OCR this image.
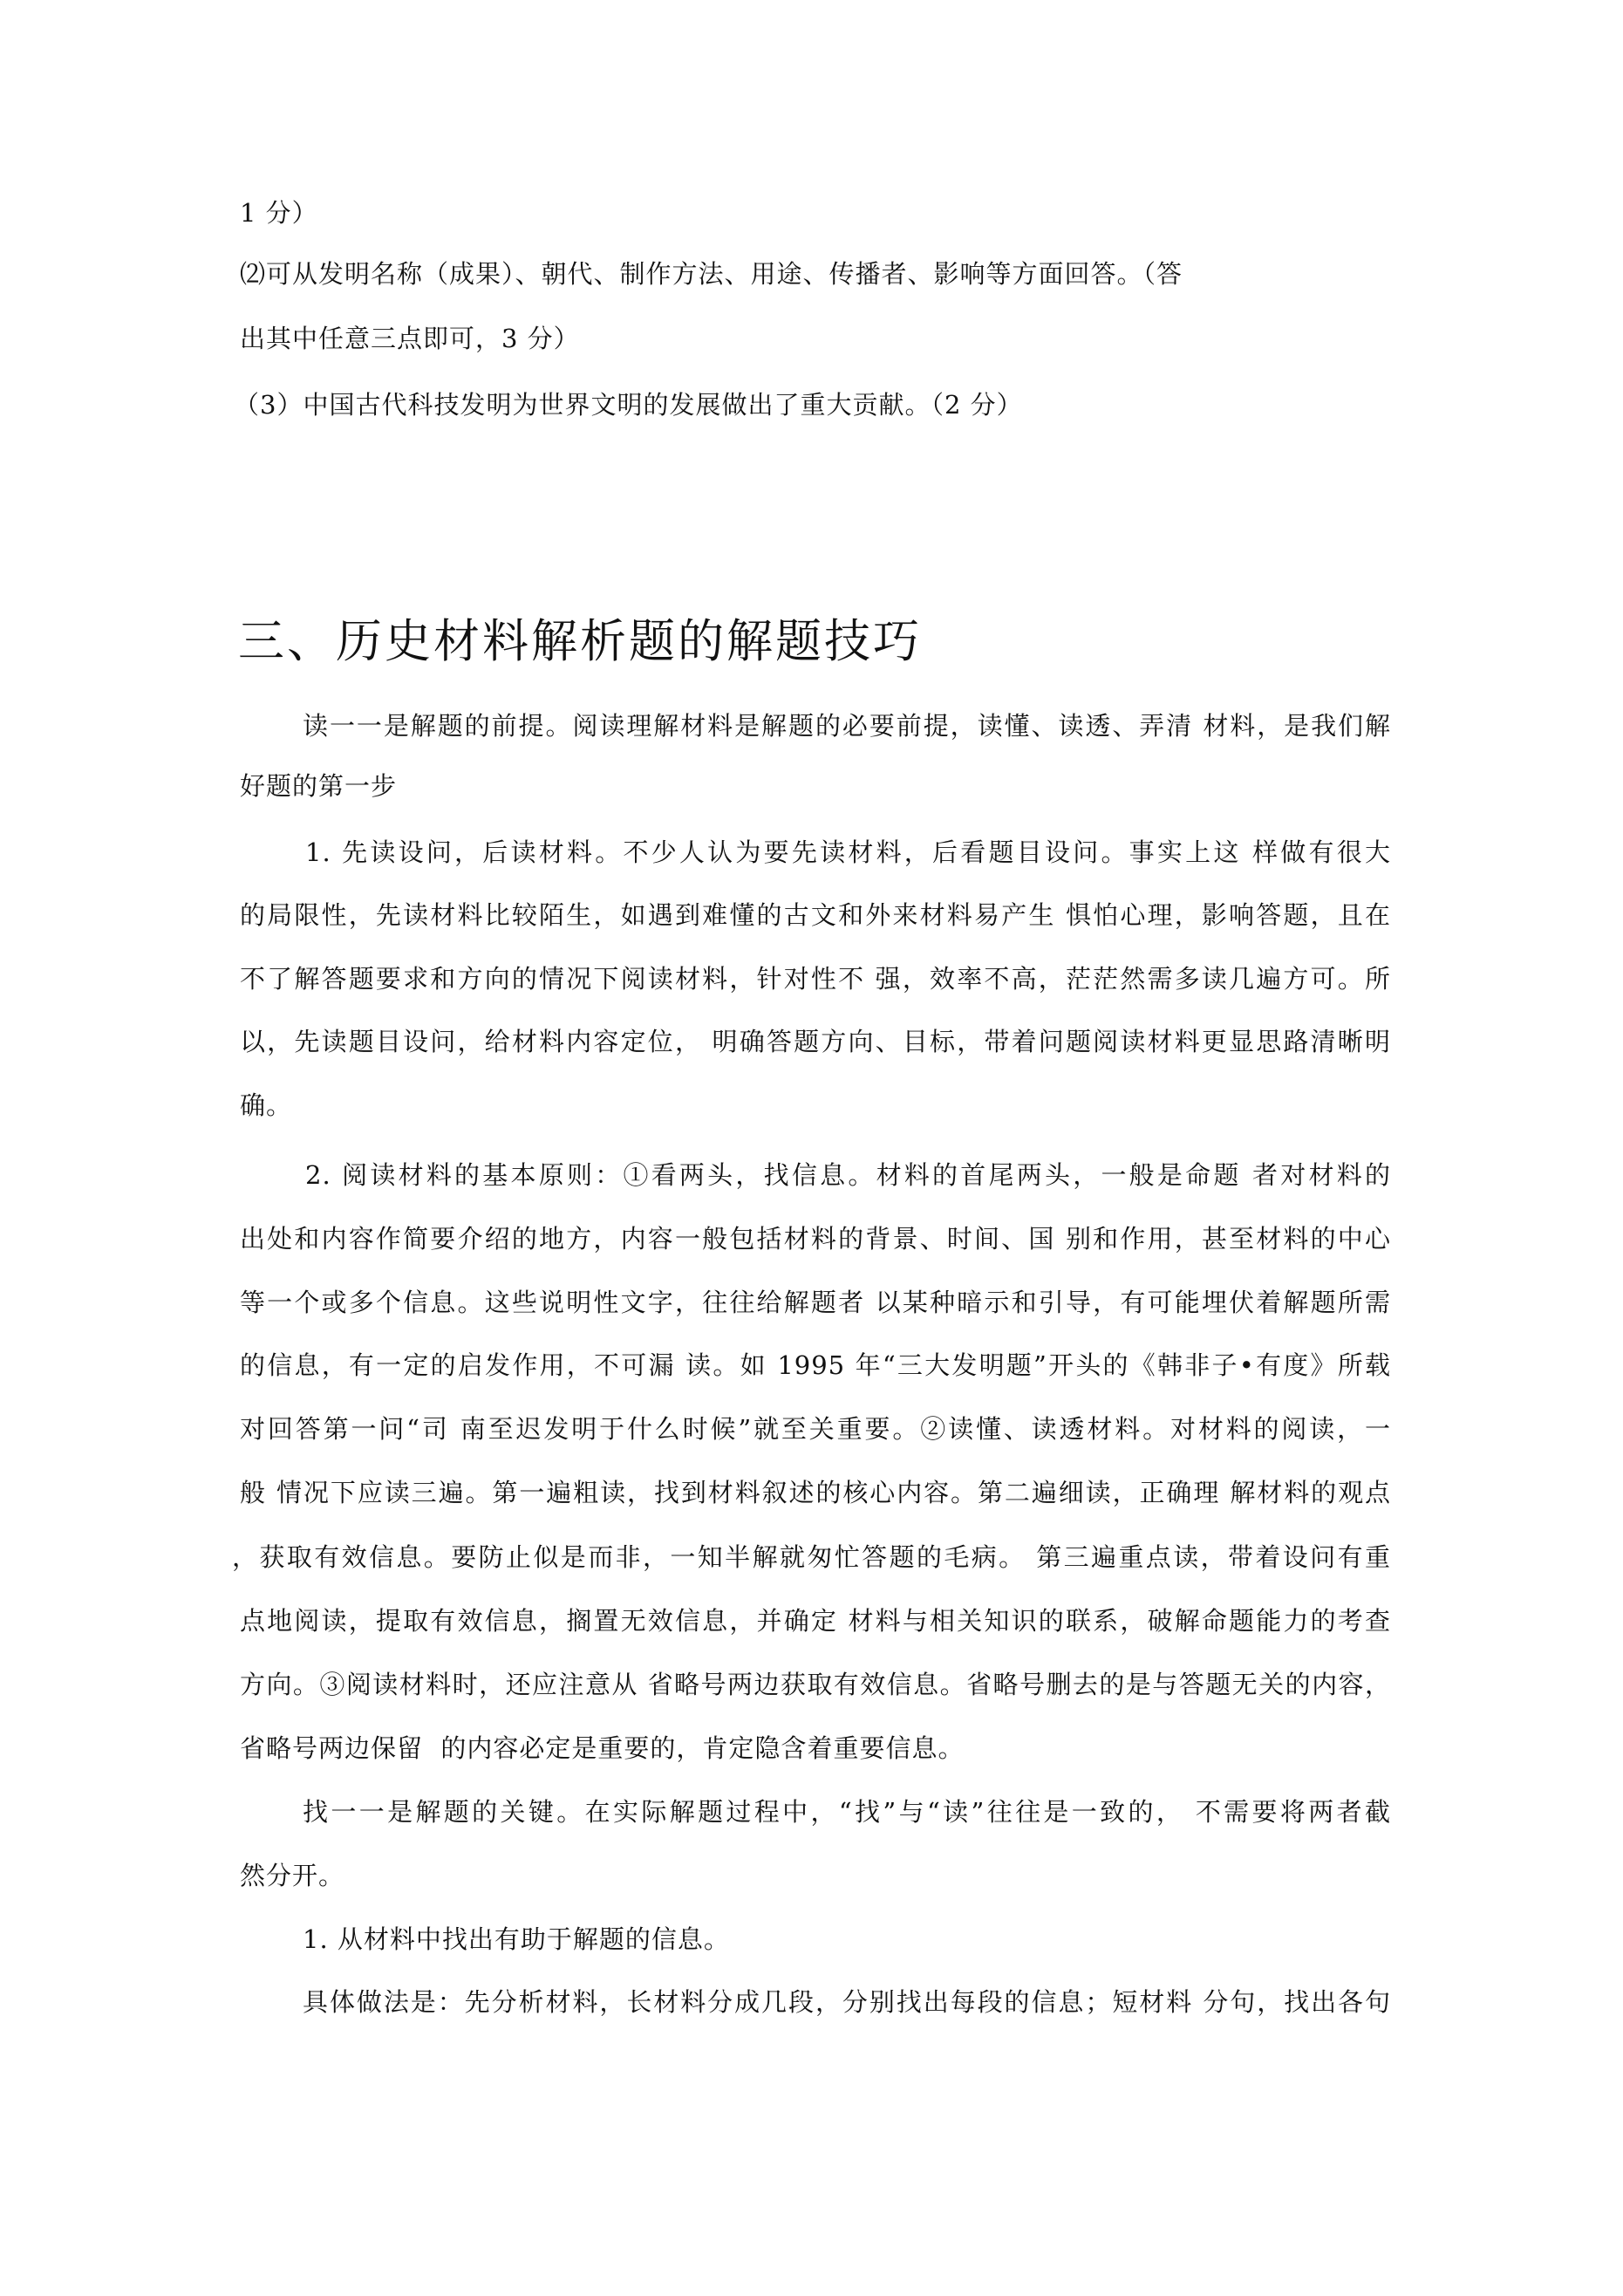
1 分）
⑵可从发明名称（成果）、朝代、制作方法、用途、传播者、影响等方面回答。（答
出其中任意三点即可，3 分）
（3）中国古代科技发明为世界文明的发展做出了重大贡献。（2 分）
三、历史材料解析题的解题技巧
读一一是解题的前提。阅读理解材料是解题的必要前提，读懂、读透、弄清 材料，是我们解
好题的第一步
1. 先读设问，后读材料。不少人认为要先读材料，后看题目设问。事实上这 样做有很大
的局限性，先读材料比较陌生，如遇到难懂的古文和外来材料易产生 惧怕心理，影响答题，且在
不了解答题要求和方向的情况下阅读材料，针对性不 强，效率不高，茫茫然需多读几遍方可。所
以，先读题目设问，给材料内容定位， 明确答题方向、目标，带着问题阅读材料更显思路清晰明
确。
2. 阅读材料的基本原则：①看两头，找信息。材料的首尾两头，一般是命题 者对材料的
出处和内容作简要介绍的地方，内容一般包括材料的背景、时间、国 别和作用，甚至材料的中心
等一个或多个信息。这些说明性文字，往往给解题者 以某种暗示和引导，有可能埋伏着解题所需
的信息，有一定的启发作用，不可漏 读。如 1995 年“三大发明题”开头的《韩非子•有度》所载
对回答第一问“司 南至迟发明于什么时候”就至关重要。②读懂、读透材料。对材料的阅读，一
般 情况下应读三遍。第一遍粗读，找到材料叙述的核心内容。第二遍细读，正确理 解材料的观点
，获取有效信息。要防止似是而非，一知半解就匆忙答题的毛病。 第三遍重点读，带着设问有重
点地阅读，提取有效信息，搁置无效信息，并确定 材料与相关知识的联系，破解命题能力的考查
方向。③阅读材料时，还应注意从 省略号两边获取有效信息。省略号删去的是与答题无关的内容，
省略号两边保留  的内容必定是重要的，肯定隐含着重要信息。
找一一是解题的关键。在实际解题过程中，“找”与“读”往往是一致的， 不需要将两者截
然分开。
1. 从材料中找出有助于解题的信息。
具体做法是：先分析材料，长材料分成几段，分别找出每段的信息；短材料 分句，找出各句
